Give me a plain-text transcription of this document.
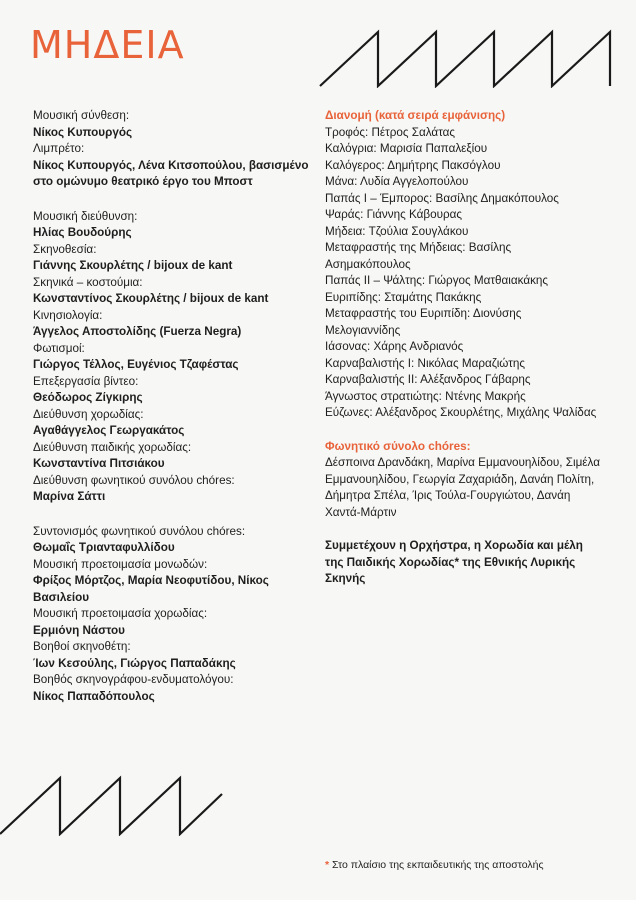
ΜΗΔΕΙΑ

Μουσική σύνθεση:

Νίκος Κυπουργός

Λιμπρέτο:

Νίκος Κυπουργός, Λένα Κιτσοπούλου, βασισμένο στο ομώνυμο θεατρικό έργο του Μποστ

Μουσική διεύθυνση:

Ηλίας Βουδούρης

Σκηνοθεσία:

Γιάννης Σκουρλέτης / bijoux de kant

Σκηνικά – κοστούμια:

Κωνσταντίνος Σκουρλέτης / bijoux de kant

Κινησιολογία:

Άγγελος Αποστολίδης (Fuerza Negra)

Φωτισμοί:

Γιώργος Τέλλος, Ευγένιος Τζαφέστας

Επεξεργασία βίντεο:

Θεόδωρος Ζίγκιρης

Διεύθυνση χορωδίας:

Αγαθάγγελος Γεωργακάτος

Διεύθυνση παιδικής χορωδίας:

Κωνσταντίνα Πιτσιάκου

Διεύθυνση φωνητικού συνόλου chóres:

Μαρίνα Σάττι

Συντονισμός φωνητικού συνόλου chóres:

Θωμαΐς Τριανταφυλλίδου

Μουσική προετοιμασία μονωδών:

Φρίξος Μόρτζος, Μαρία Νεοφυτίδου, Νίκος Βασιλείου

Μουσική προετοιμασία χορωδίας:

Ερμιόνη Νάστου

Βοηθοί σκηνοθέτη:

Ίων Κεσούλης, Γιώργος Παπαδάκης

Βοηθός σκηνογράφου-ενδυματολόγου:

Νίκος Παπαδόπουλος

Διανομή (κατά σειρά εμφάνισης)

Τροφός: Πέτρος Σαλάτας

Καλόγρια: Μαρισία Παπαλεξίου

Καλόγερος: Δημήτρης Πακσόγλου

Μάνα: Λυδία Αγγελοπούλου

Παπάς Ι – Έμπορος: Βασίλης Δημακόπουλος

Ψαράς: Γιάννης Κάβουρας

Μήδεια: Τζούλια Σουγλάκου

Μεταφραστής της Μήδειας: Βασίλης Ασημακόπουλος

Παπάς ΙΙ – Ψάλτης: Γιώργος Ματθαιακάκης

Ευριπίδης: Σταμάτης Πακάκης

Μεταφραστής του Ευριπίδη: Διονύσης Μελογιαννίδης

Ιάσονας: Χάρης Ανδριανός

Καρναβαλιστής Ι: Νικόλας Μαραζιώτης

Καρναβαλιστής ΙΙ: Αλέξανδρος Γάβαρης

Άγνωστος στρατιώτης: Ντένης Μακρής

Εύζωνες: Αλέξανδρος Σκουρλέτης, Μιχάλης Ψαλίδας

Φωνητικό σύνολο chóres:

Δέσποινα Δρανδάκη, Μαρίνα Εμμανουηλίδου, Σιμέλα Εμμανουηλίδου, Γεωργία Ζαχαριάδη, Δανάη Πολίτη, Δήμητρα Σπέλα, Ίρις Τούλα-Γουργιώτου, Δανάη Χαντά-Μάρτιν

Συμμετέχουν η Ορχήστρα, η Χορωδία και μέλη της Παιδικής Χορωδίας* της Εθνικής Λυρικής Σκηνής

* Στο πλαίσιο της εκπαιδευτικής της αποστολής
